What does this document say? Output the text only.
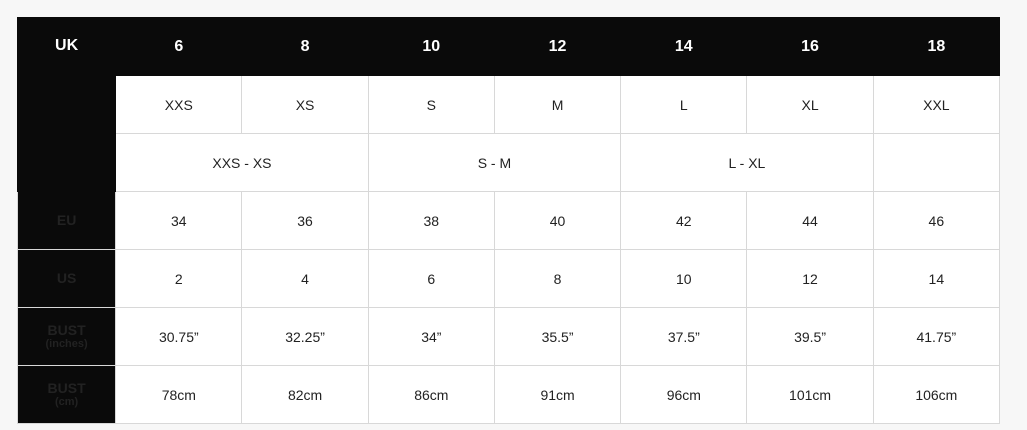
UK	6	8	10	12	14	16	18

	XXS	XS	S	M	L	XL	XXL

	XXS - XS		S - M		L - XL		

EU	34	36	38	40	42	44	46

US	2	4	6	8	10	12	14

BUST
(inches)	30.75”	32.25”	34”	35.5”	37.5”	39.5”	41.75”

BUST
(cm)	78cm	82cm	86cm	91cm	96cm	101cm	106cm
